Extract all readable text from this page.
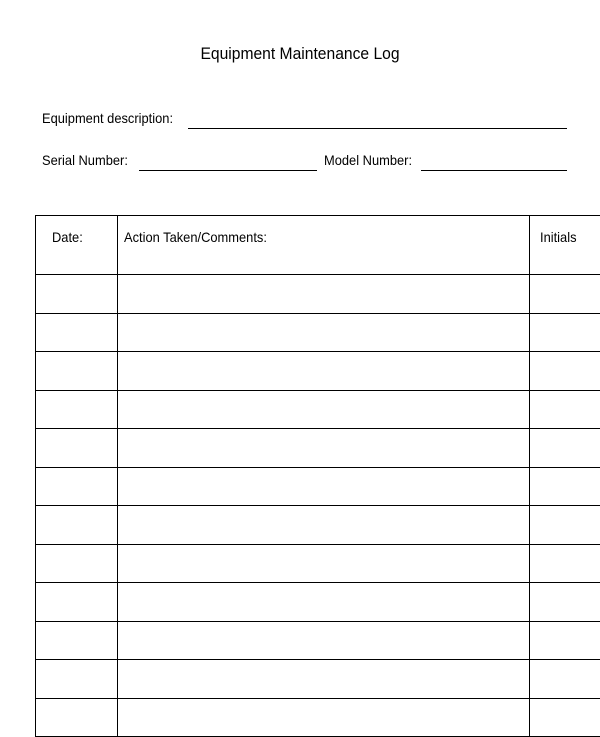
Equipment Maintenance Log
Equipment description:
Serial Number:	Model Number:
Date:	Action Taken/Comments:	Initials
